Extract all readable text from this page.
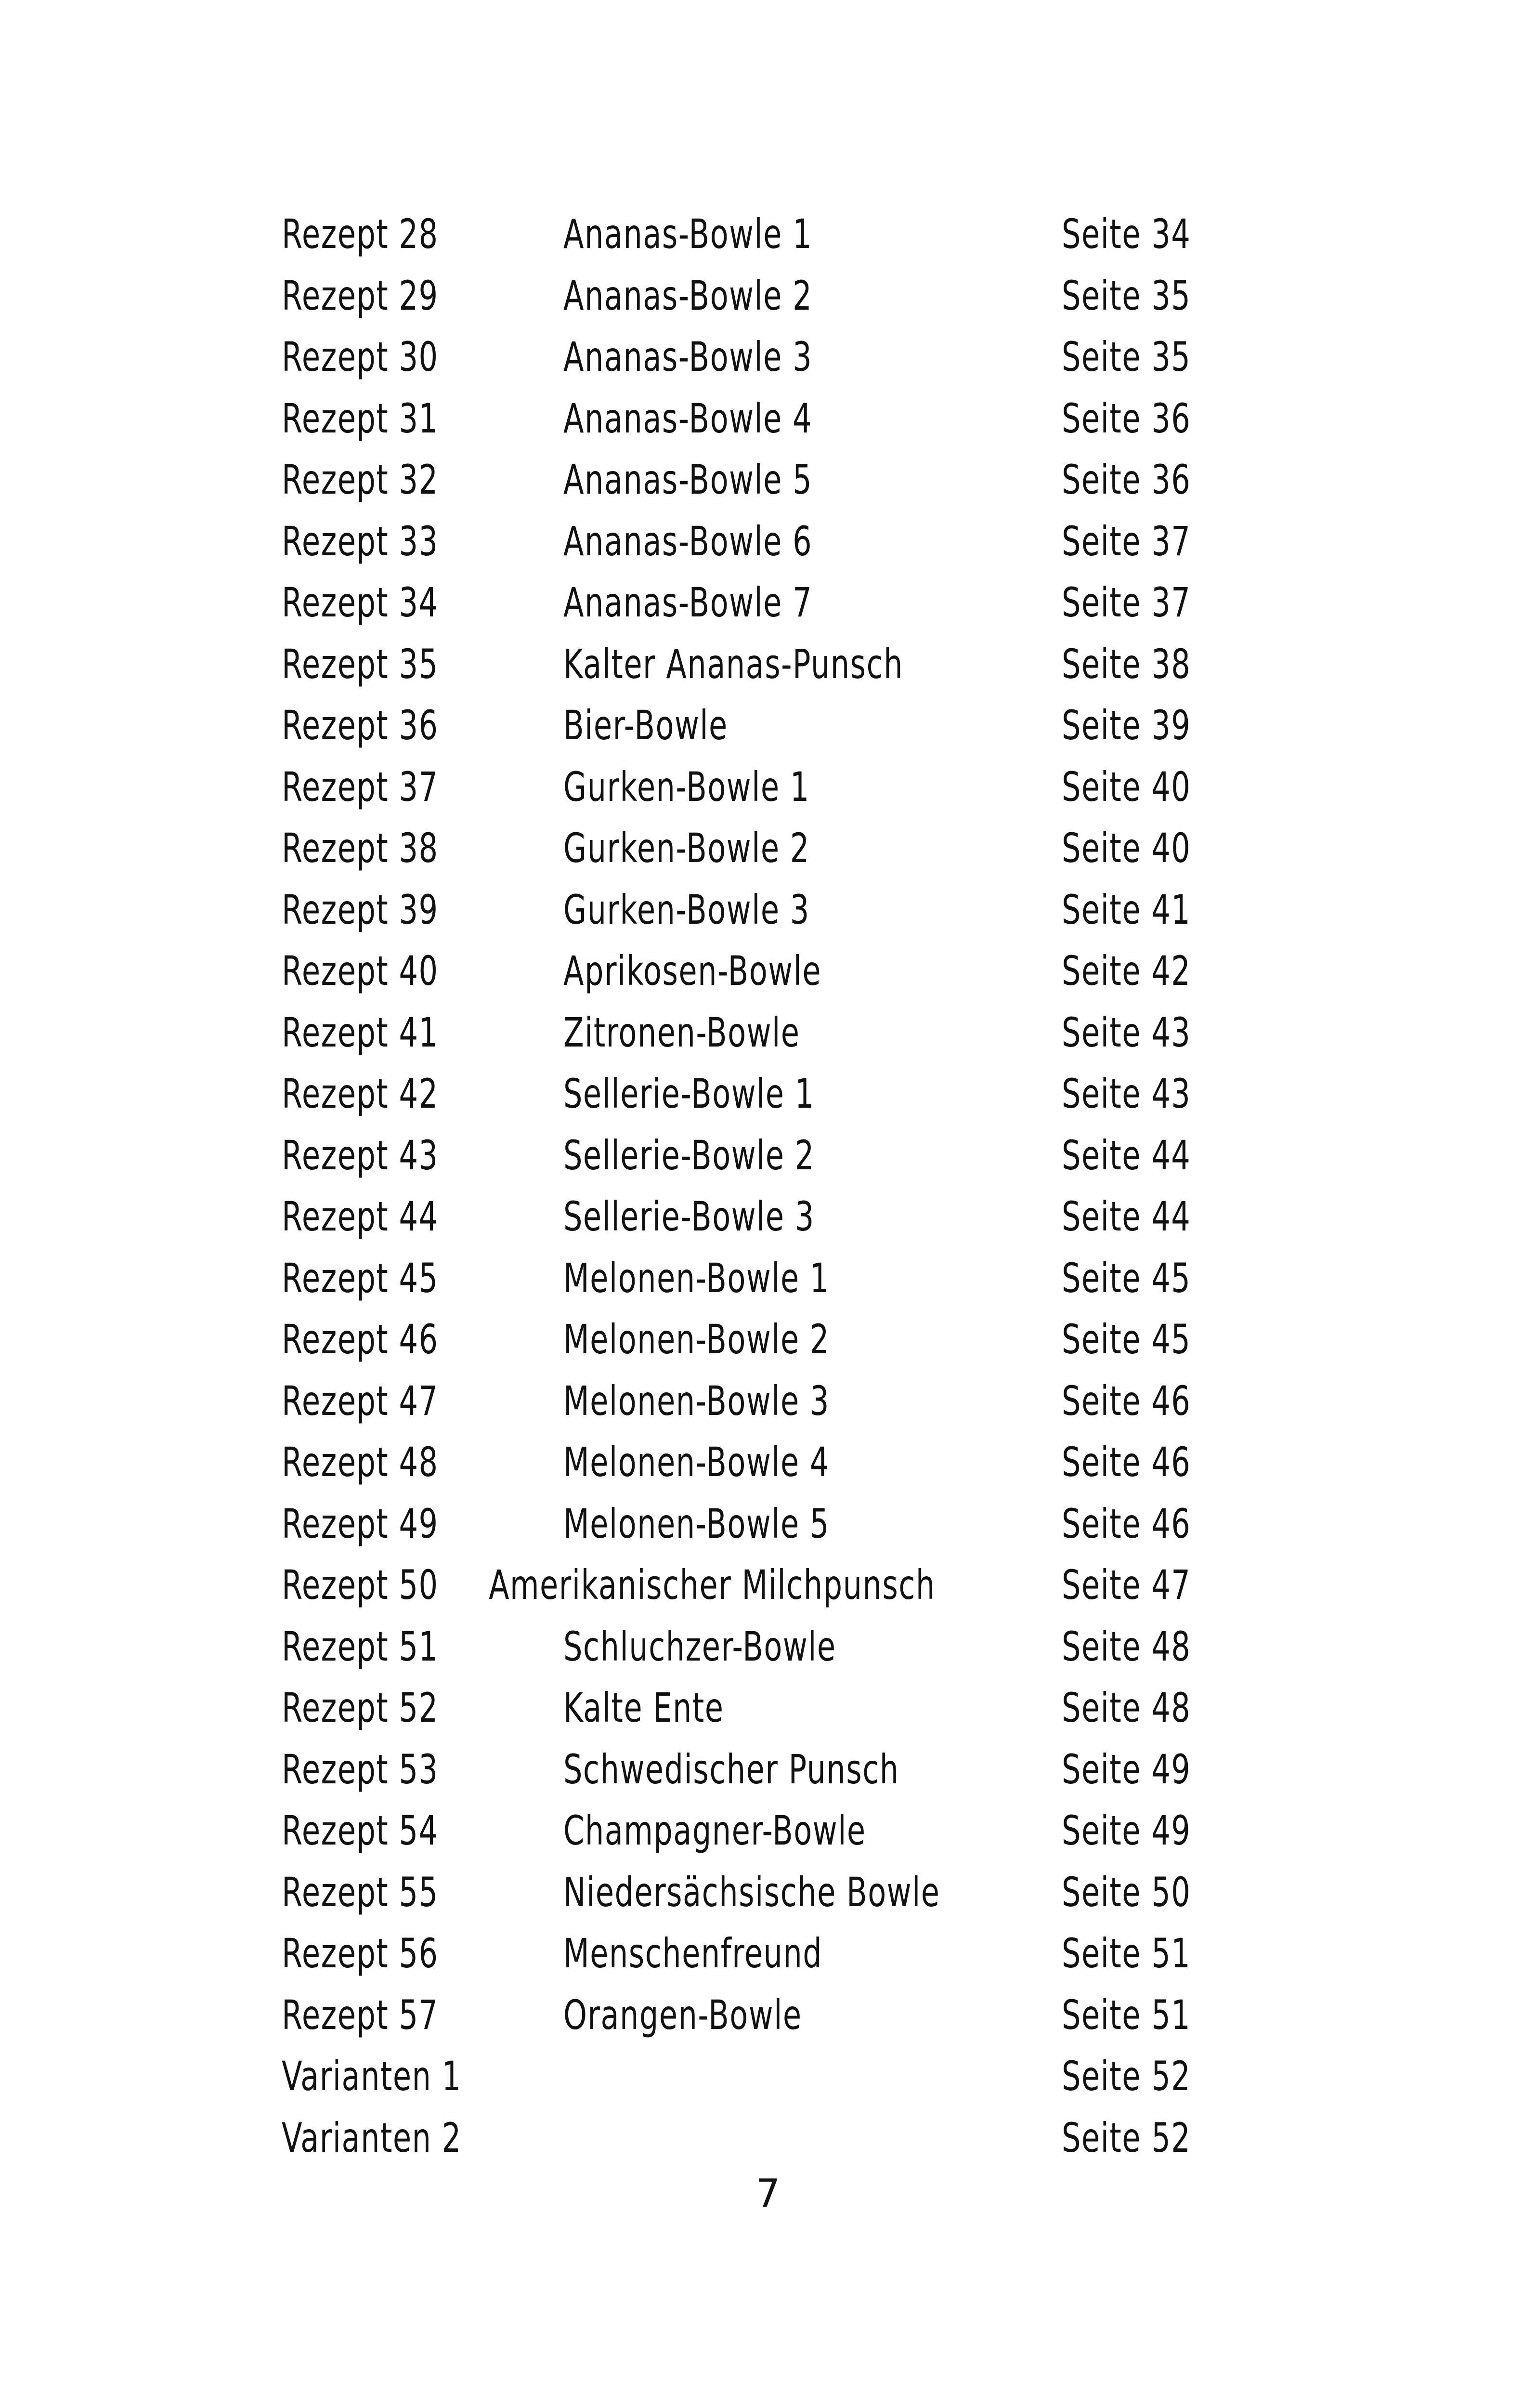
Rezept 28	Ananas-Bowle 1	Seite 34
Rezept 29	Ananas-Bowle 2	Seite 35
Rezept 30	Ananas-Bowle 3	Seite 35
Rezept 31	Ananas-Bowle 4	Seite 36
Rezept 32	Ananas-Bowle 5	Seite 36
Rezept 33	Ananas-Bowle 6	Seite 37
Rezept 34	Ananas-Bowle 7	Seite 37
Rezept 35	Kalter Ananas-Punsch	Seite 38
Rezept 36	Bier-Bowle	Seite 39
Rezept 37	Gurken-Bowle 1	Seite 40
Rezept 38	Gurken-Bowle 2	Seite 40
Rezept 39	Gurken-Bowle 3	Seite 41
Rezept 40	Aprikosen-Bowle	Seite 42
Rezept 41	Zitronen-Bowle	Seite 43
Rezept 42	Sellerie-Bowle 1	Seite 43
Rezept 43	Sellerie-Bowle 2	Seite 44
Rezept 44	Sellerie-Bowle 3	Seite 44
Rezept 45	Melonen-Bowle 1	Seite 45
Rezept 46	Melonen-Bowle 2	Seite 45
Rezept 47	Melonen-Bowle 3	Seite 46
Rezept 48	Melonen-Bowle 4	Seite 46
Rezept 49	Melonen-Bowle 5	Seite 46
Rezept 50 Amerikanischer Milchpunsch	Seite 47
Rezept 51	Schluchzer-Bowle	Seite 48
Rezept 52	Kalte Ente	Seite 48
Rezept 53	Schwedischer Punsch	Seite 49
Rezept 54	Champagner-Bowle	Seite 49
Rezept 55	Niedersächsische Bowle	Seite 50
Rezept 56	Menschenfreund	Seite 51
Rezept 57	Orangen-Bowle	Seite 51
Varianten 1	Seite 52
Varianten 2	Seite 52
7
